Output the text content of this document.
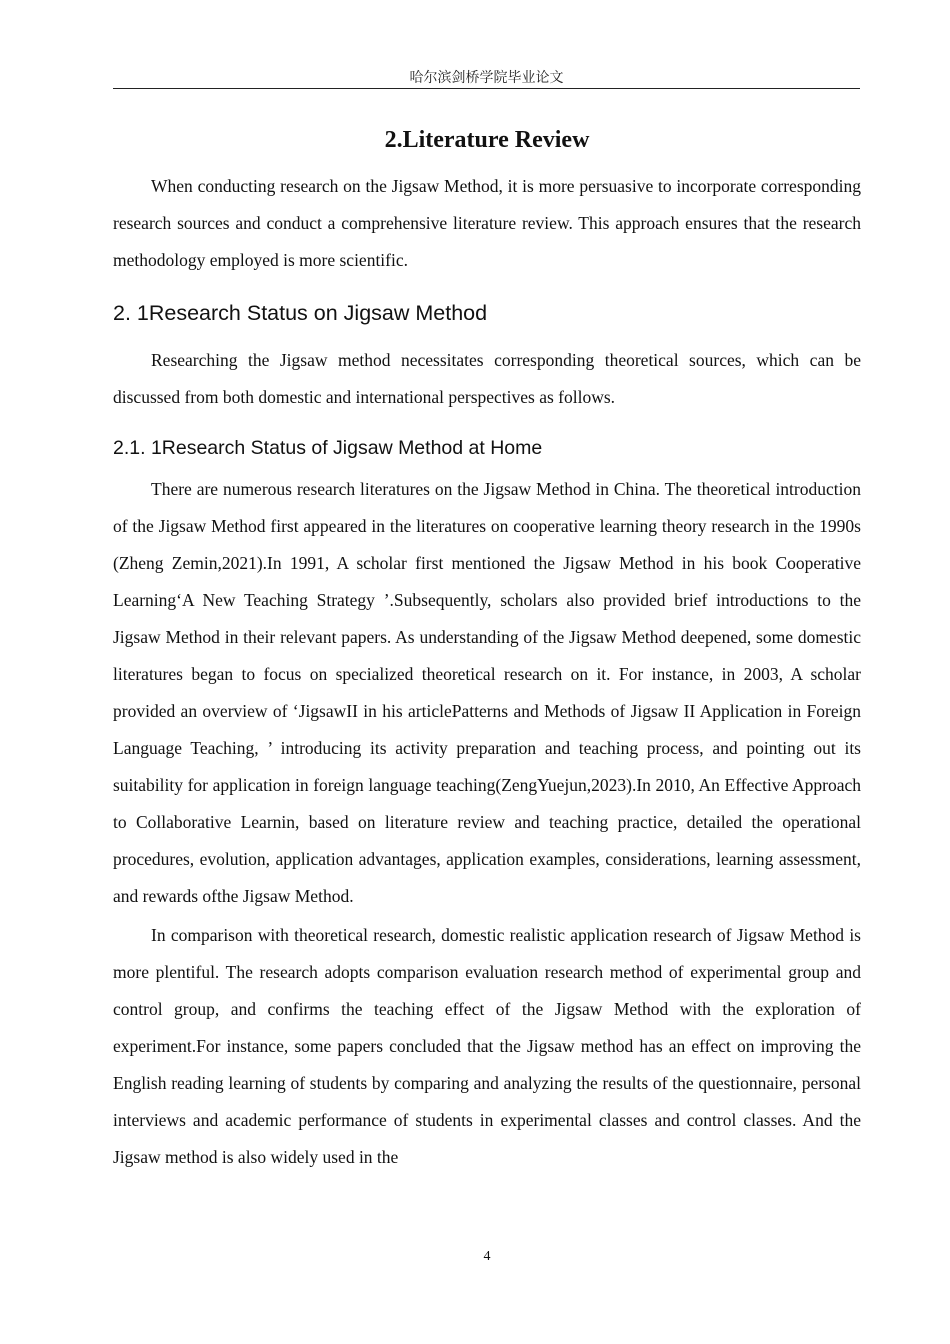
哈尔滨剑桥学院毕业论文
2.Literature Review

When conducting research on the Jigsaw Method, it is more persuasive to incorporate corresponding research sources and conduct a comprehensive literature review. This approach ensures that the research methodology employed is more scientific.

2. 1Research Status on Jigsaw Method

Researching the Jigsaw method necessitates corresponding theoretical sources, which can be discussed from both domestic and international perspectives as follows.

2.1. 1Research Status of Jigsaw Method at Home

There are numerous research literatures on the Jigsaw Method in China. The theoretical introduction of the Jigsaw Method first appeared in the literatures on cooperative learning theory research in the 1990s (Zheng Zemin,2021).In 1991, A scholar first mentioned the Jigsaw Method in his book Cooperative Learning‘A New Teaching Strategy ’.Subsequently, scholars also provided brief introductions to the Jigsaw Method in their relevant papers. As understanding of the Jigsaw Method deepened, some domestic literatures began to focus on specialized theoretical research on it. For instance, in 2003, A scholar provided an overview of ‘JigsawII in his articlePatterns and Methods of Jigsaw II Application in Foreign Language Teaching, ’ introducing its activity preparation and teaching process, and pointing out its suitability for application in foreign language teaching(ZengYuejun,2023).In 2010, An Effective Approach to Collaborative Learnin, based on literature review and teaching practice, detailed the operational procedures, evolution, application advantages, application examples, considerations, learning assessment, and rewards ofthe Jigsaw Method.

In comparison with theoretical research, domestic realistic application research of Jigsaw Method is more plentiful. The research adopts comparison evaluation research method of experimental group and control group, and confirms the teaching effect of the Jigsaw Method with the exploration of experiment.For instance, some papers concluded that the Jigsaw method has an effect on improving the English reading learning of students by comparing and analyzing the results of the questionnaire, personal interviews and academic performance of students in experimental classes and control classes. And the Jigsaw method is also widely used in the

4
